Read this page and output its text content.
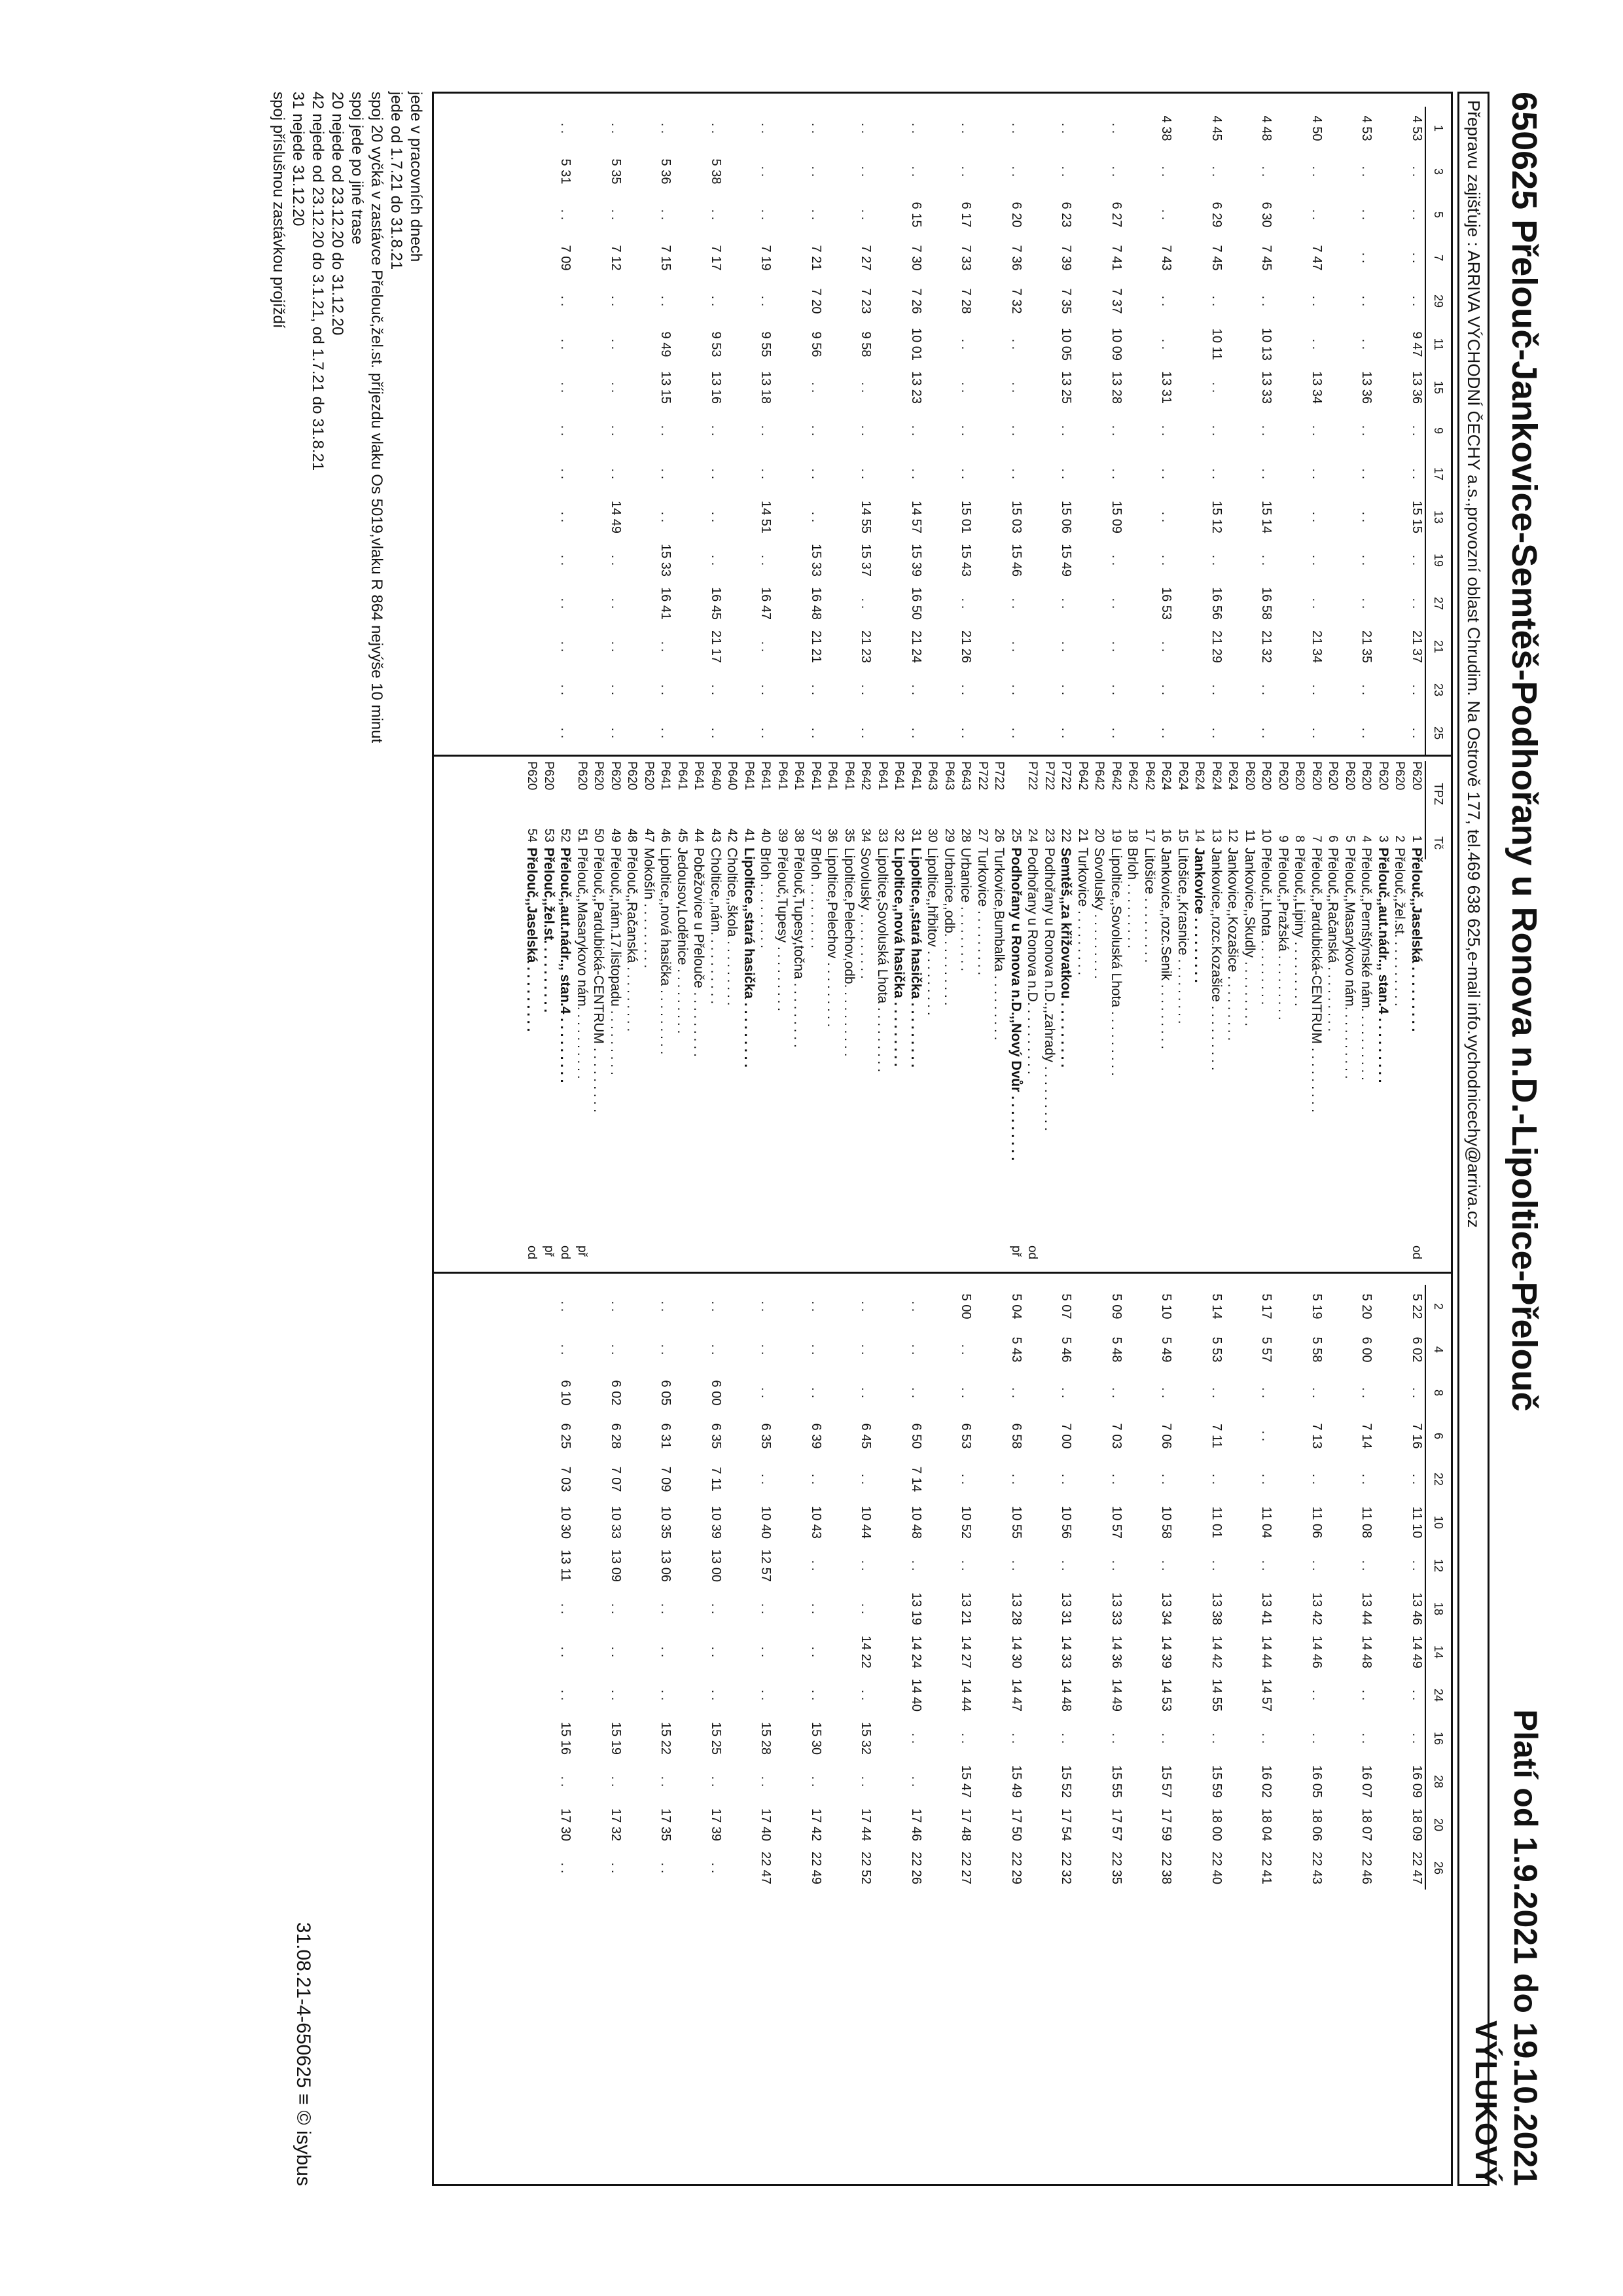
650625 Přelouč-Jankovice-Semtěš-Podhořany u Ronova n.D.-Lipoltice-Přelouč
Platí od 1.9.2021 do 19.10.2021
VÝLUKOVÝ
Přepravu zajišťuje : ARRIVA VÝCHODNÍ ČECHY a.s.,provozní oblast Chrudim. Na Ostrově 177, tel.469 638 625,e-mail info.vychodnicechy@arriva.cz
1
3
5
7
29
11
15
9
17
13
19
27
21
23
25
TPZ
Tč
2
4
8
6
22
10
12
18
14
24
16
28
20
26
P620
1
Přelouč,,Jaselská . . . . . . . . .
od
P620
2
Přelouč,,žel.st. . . . . . . . . .
P620
3
Přelouč,,aut.nádr.,, stan.4 . . . . . . . . .
P620
4
Přelouč,,Pernštýnské nám. . . . . . . . . .
P620
5
Přelouč,,Masarykovo nám. . . . . . . . . .
P620
6
Přelouč,,Račanská . . . . . . . . .
P620
7
Přelouč,,Pardubická-CENTRUM . . . . . . . . .
P620
8
Přelouč,,Lipiny . . . . . . . . .
P620
9
Přelouč,,Pražská . . . . . . . . .
P620
10
Přelouč,,Lhota . . . . . . . . .
P620
11
Jankovice,,Skudly . . . . . . . . .
P624
12
Jankovice,,Kozašice . . . . . . . . .
P624
13
Jankovice,,rozc.Kozašice . . . . . . . . .
P624
14
Jankovice . . . . . . . . .
P624
15
Litošice,,Krasnice . . . . . . . . .
P624
16
Jankovice,,rozc.Senik . . . . . . . . .
P642
17
Litošice . . . . . . . . .
P642
18
Brloh . . . . . . . . .
P642
19
Lipoltice,,Sovoluská Lhota . . . . . . . . .
P642
20
Sovolusky . . . . . . . . .
P642
21
Turkovice . . . . . . . . .
P722
22
Semtěš,,za křižovatkou . . . . . . . . .
P722
23
Podhořany u Ronova n.D.,,zahrady . . . . . . . . .
P722
24
Podhořany u Ronova n.D. . . . . . . . . .
od
25
Podhořany u Ronova n.D.,,Nový Dvůr . . . . . . . . .
př
P722
26
Turkovice,Bumbalka . . . . . . . . .
P722
27
Turkovice . . . . . . . . .
P643
28
Urbanice . . . . . . . . .
P643
29
Urbanice,,odb. . . . . . . . . .
P643
30
Lipoltice,,hřbitov . . . . . . . . .
P641
31
Lipoltice,,stará hasička . . . . . . . . .
P641
32
Lipoltice,,nová hasička . . . . . . . . .
P641
33
Lipoltice,Sovoluská Lhota . . . . . . . . .
P642
34
Sovolusky . . . . . . . . .
P641
35
Lipoltice,Pelechov,odb. . . . . . . . . .
P641
36
Lipoltice,Pelechov . . . . . . . . .
P641
37
Brloh . . . . . . . . .
P641
38
Přelouč,Tupesy,točna . . . . . . . . .
P641
39
Přelouč,Tupesy . . . . . . . . .
P641
40
Brloh . . . . . . . . .
P641
41
Lipoltice,,stará hasička . . . . . . . . .
P640
42
Choltice,,škola . . . . . . . . .
P640
43
Choltice,,nám. . . . . . . . . .
P641
44
Poběžovice u Přelouče . . . . . . . . .
P641
45
Jedousov,Loděnice . . . . . . . . .
P641
46
Lipoltice,,nová hasička . . . . . . . . .
P620
47
Mokošín . . . . . . . . .
P620
48
Přelouč,,Račanská . . . . . . . . .
P620
49
Přelouč,,nám.17.listopadu . . . . . . . . .
P620
50
Přelouč,,Pardubická-CENTRUM . . . . . . . . .
P620
51
Přelouč,,Masarykovo nám. . . . . . . . . .
př
52
Přelouč,,aut.nádr.,, stan.4 . . . . . . . . .
od
P620
53
Přelouč,,žel.st. . . . . . . . . .
př
P620
54
Přelouč,,Jaselská . . . . . . . . .
od
4 53
. .
. .
. .
. .
9 47
13 36
. .
. .
15 15
. .
. .
21 37
. .
. .
4 53
. .
. .
. .
. .
. .
13 36
. .
. .
. .
. .
. .
21 35
. .
. .
4 50
. .
. .
7 47
. .
. .
13 34
. .
. .
. .
. .
. .
21 34
. .
. .
4 48
. .
6 30
7 45
. .
10 13
13 33
. .
. .
15 14
. .
16 58
21 32
. .
. .
4 45
. .
6 29
7 45
. .
10 11
. .
. .
. .
15 12
. .
16 56
21 29
. .
. .
4 38
. .
. .
7 43
. .
. .
13 31
. .
. .
. .
. .
16 53
. .
. .
. .
. .
. .
6 27
7 41
7 37
10 09
13 28
. .
. .
15 09
. .
. .
. .
. .
. .
. .
. .
6 23
7 39
7 35
10 05
13 25
. .
. .
15 06
15 49
. .
. .
. .
. .
. .
. .
6 20
7 36
7 32
. .
. .
. .
. .
15 03
15 46
. .
. .
. .
. .
. .
. .
6 17
7 33
7 28
. .
. .
. .
. .
15 01
15 43
. .
21 26
. .
. .
. .
. .
6 15
7 30
7 26
10 01
13 23
. .
. .
14 57
15 39
16 50
21 24
. .
. .
. .
. .
. .
7 27
7 23
9 58
. .
. .
. .
14 55
15 37
. .
21 23
. .
. .
. .
. .
. .
7 21
7 20
9 56
. .
. .
. .
. .
15 33
16 48
21 21
. .
. .
. .
. .
. .
7 19
. .
9 55
13 18
. .
. .
14 51
. .
16 47
. .
. .
. .
. .
5 38
. .
7 17
. .
9 53
13 16
. .
. .
. .
. .
16 45
21 17
. .
. .
. .
5 36
. .
7 15
. .
9 49
13 15
. .
. .
. .
15 33
16 41
. .
. .
. .
. .
5 35
. .
7 12
. .
. .
. .
. .
. .
14 49
. .
. .
. .
. .
. .
. .
5 31
. .
7 09
. .
. .
. .
. .
. .
. .
. .
. .
. .
. .
. .
5 22
6 02
. .
7 16
. .
11 10
. .
13 46
14 49
. .
. .
16 09
18 09
22 47
5 20
6 00
. .
7 14
. .
11 08
. .
13 44
14 48
. .
. .
16 07
18 07
22 46
5 19
5 58
. .
7 13
. .
11 06
. .
13 42
14 46
. .
. .
16 05
18 06
22 43
5 17
5 57
. .
. .
. .
11 04
. .
13 41
14 44
14 57
. .
16 02
18 04
22 41
5 14
5 53
. .
7 11
. .
11 01
. .
13 38
14 42
14 55
. .
15 59
18 00
22 40
5 10
5 49
. .
7 06
. .
10 58
. .
13 34
14 39
14 53
. .
15 57
17 59
22 38
5 09
5 48
. .
7 03
. .
10 57
. .
13 33
14 36
14 49
. .
15 55
17 57
22 35
5 07
5 46
. .
7 00
. .
10 56
. .
13 31
14 33
14 48
. .
15 52
17 54
22 32
5 04
5 43
. .
6 58
. .
10 55
. .
13 28
14 30
14 47
. .
15 49
17 50
22 29
5 00
. .
. .
6 53
. .
10 52
. .
13 21
14 27
14 44
. .
15 47
17 48
22 27
. .
. .
. .
6 50
7 14
10 48
. .
13 19
14 24
14 40
. .
. .
17 46
22 26
. .
. .
. .
6 45
. .
10 44
. .
. .
14 22
. .
15 32
. .
17 44
22 52
. .
. .
. .
6 39
. .
10 43
. .
. .
. .
. .
15 30
. .
17 42
22 49
. .
. .
. .
6 35
. .
10 40
12 57
. .
. .
. .
15 28
. .
17 40
22 47
. .
. .
6 00
6 35
7 11
10 39
13 00
. .
. .
. .
15 25
. .
17 39
. .
. .
. .
6 05
6 31
7 09
10 35
13 06
. .
. .
. .
15 22
. .
17 35
. .
. .
. .
6 02
6 28
7 07
10 33
13 09
. .
. .
. .
15 19
. .
17 32
. .
. .
. .
6 10
6 25
7 03
10 30
13 11
. .
. .
. .
15 16
. .
17 30
. .
jede v pracovních dnech
jede od 1.7.21 do 31.8.21
spoj 20 vyčká v zastávce Přelouč,žel.st. příjezdu vlaku Os 5019,vlaku R 864 nejvýše 10 minut
spoj jede po jiné trase
20 nejede od 23.12.20 do 31.12.20
42 nejede od 23.12.20 do 3.1.21, od 1.7.21 do 31.8.21
31 nejede 31.12.20
spoj příslušnou zastávkou projíždí
31.08.21-4-650625 ≡ © isybus
